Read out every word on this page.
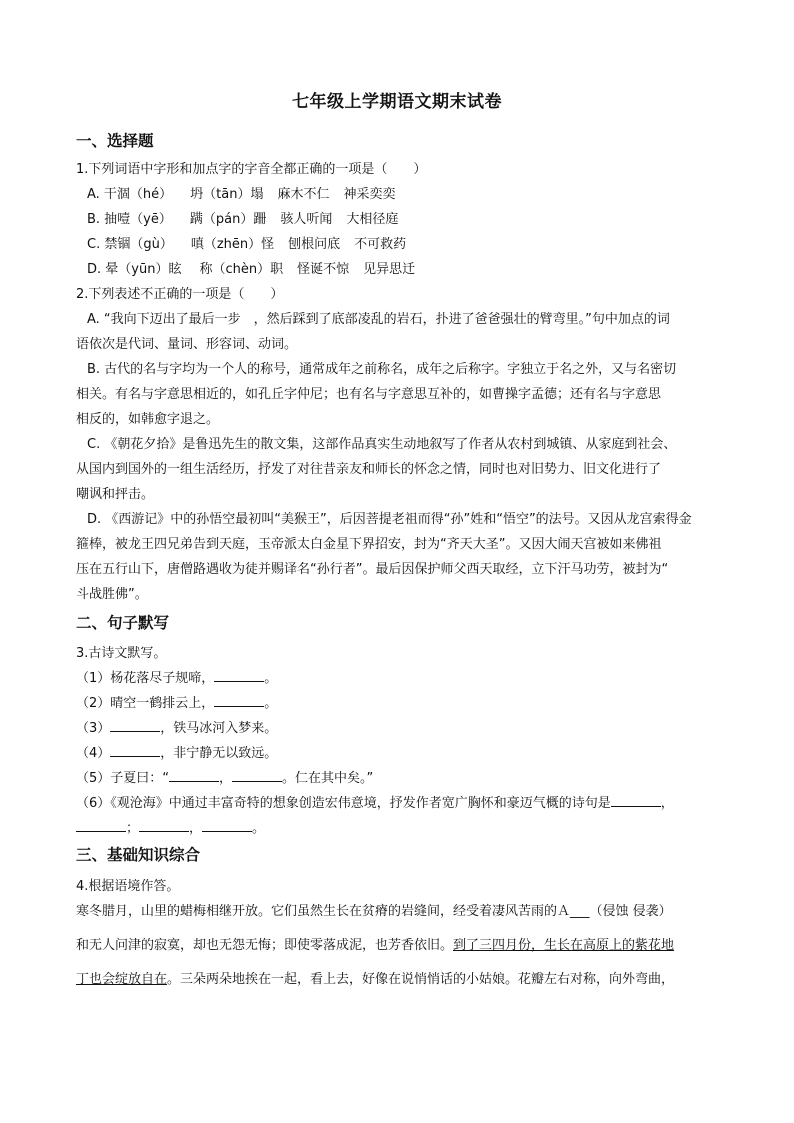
七年级上学期语文期末试卷
一、选择题
1.下列词语中字形和加点字的字音全都正确的一项是（　　）
A. 干涸（hé） 坍（tān）塌 麻木不仁 神采奕奕
B. 抽噎（yē） 蹒（pán）跚 骇人听闻 大相径庭
C. 禁锢（gù） 嗔（zhēn）怪 刨根问底 不可救药
D. 晕（yūn）眩 称（chèn）职 怪诞不惊 见异思迁
2.下列表述不正确的一项是（　　）
A. “我向下迈出了最后一步　，然后踩到了底部凌乱的岩石，扑进了爸爸强壮的臂弯里。”句中加点的词
语依次是代词、量词、形容词、动词。
B. 古代的名与字均为一个人的称号，通常成年之前称名，成年之后称字。字独立于名之外，又与名密切
相关。有名与字意思相近的，如孔丘字仲尼；也有名与字意思互补的，如曹操字孟德；还有名与字意思
相反的，如韩愈字退之。
C. 《朝花夕拾》是鲁迅先生的散文集，这部作品真实生动地叙写了作者从农村到城镇、从家庭到社会、
从国内到国外的一组生活经历，抒发了对往昔亲友和师长的怀念之情，同时也对旧势力、旧文化进行了
嘲讽和抨击。
D. 《西游记》中的孙悟空最初叫“美猴王”，后因菩提老祖而得“孙”姓和“悟空”的法号。又因从龙宫索得金
箍棒，被龙王四兄弟告到天庭，玉帝派太白金星下界招安，封为“齐天大圣”。又因大闹天宫被如来佛祖
压在五行山下，唐僧路遇收为徒并赐译名“孙行者”。最后因保护师父西天取经，立下汗马功劳，被封为“
斗战胜佛”。
二、句子默写
3.古诗文默写。
（1）杨花落尽子规啼，	。
（2）晴空一鹤排云上，	。
（3）	，铁马冰河入梦来。
（4）	，非宁静无以致远。
（5）子夏曰：“	，	。仁在其中矣。”
（6）《观沧海》中通过丰富奇特的想象创造宏伟意境，抒发作者宽广胸怀和豪迈气概的诗句是	，
；	，	。
三、基础知识综合
4.根据语境作答。
寒冬腊月，山里的蜡梅相继开放。它们虽然生长在贫瘠的岩缝间，经受着凄风苦雨的Ａ___（侵蚀 侵袭）
和无人问津的寂寞，却也无怨无悔；即使零落成泥，也芳香依旧。到了三四月份，生长在高原上的紫花地
丁也会绽放自在。三朵两朵地挨在一起，看上去，好像在说悄悄话的小姑娘。花瓣左右对称，向外弯曲，
